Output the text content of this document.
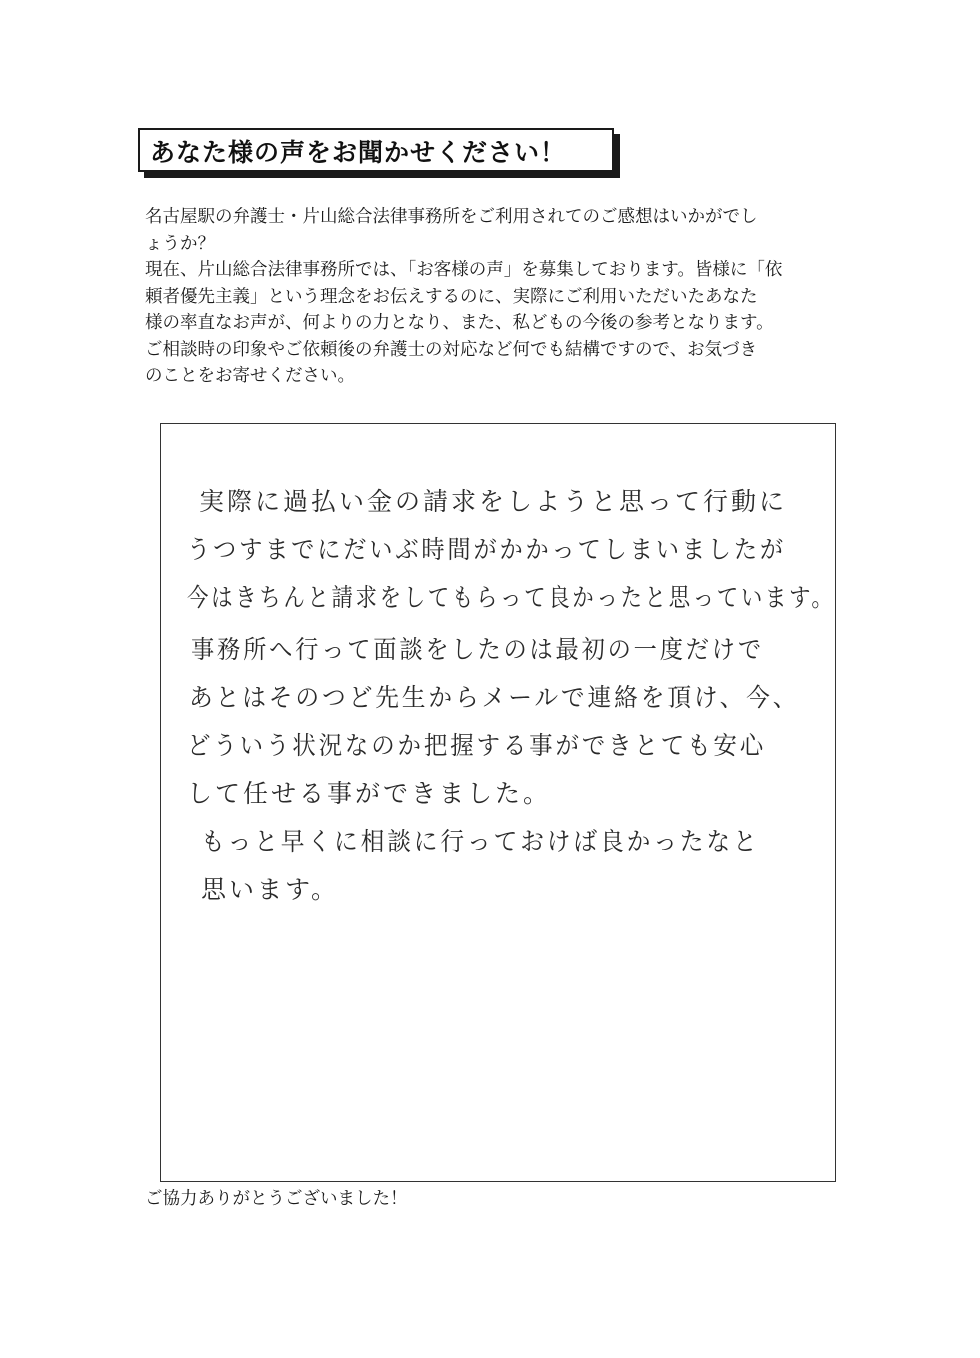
あなた様の声をお聞かせください！

名古屋駅の弁護士・片山総合法律事務所をご利用されてのご感想はいかがでし

ょうか？

現在、片山総合法律事務所では、「お客様の声」を募集しております。皆様に「依

頼者優先主義」という理念をお伝えするのに、実際にご利用いただいたあなた

様の率直なお声が、何よりの力となり、また、私どもの今後の参考となります。

ご相談時の印象やご依頼後の弁護士の対応など何でも結構ですので、お気づき

のことをお寄せください。

実際に過払い金の請求をしようと思って行動に
うつすまでにだいぶ時間がかかってしまいましたが
今はきちんと請求をしてもらって良かったと思っています。
事務所へ行って面談をしたのは最初の一度だけで
あとはそのつど先生からメールで連絡を頂け、今、
どういう状況なのか把握する事ができとても安心
して任せる事ができました。
もっと早くに相談に行っておけば良かったなと
思います。
ご協力ありがとうございました！
